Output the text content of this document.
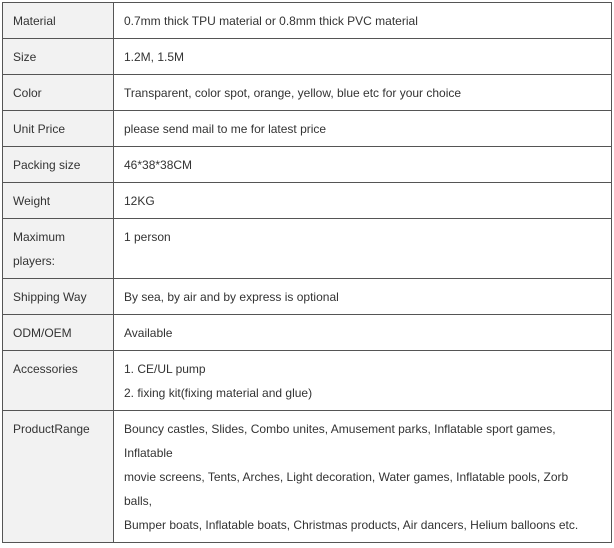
Material	0.7mm thick TPU material or 0.8mm thick PVC material

Size	1.2M, 1.5M

Color	Transparent, color spot, orange, yellow, blue etc for your choice

Unit Price	please send mail to me for latest price

Packing size	46*38*38CM

Weight	12KG

Maximum
players:	1 person

Shipping Way	By sea, by air and by express is optional

ODM/OEM	Available

Accessories	1. CE/UL pump
2. fixing kit(fixing material and glue)

ProductRange	Bouncy castles, Slides, Combo unites, Amusement parks, Inflatable sport games,
Inflatable
movie screens, Tents, Arches, Light decoration, Water games, Inflatable pools, Zorb
balls,
Bumper boats, Inflatable boats, Christmas products, Air dancers, Helium balloons etc.
